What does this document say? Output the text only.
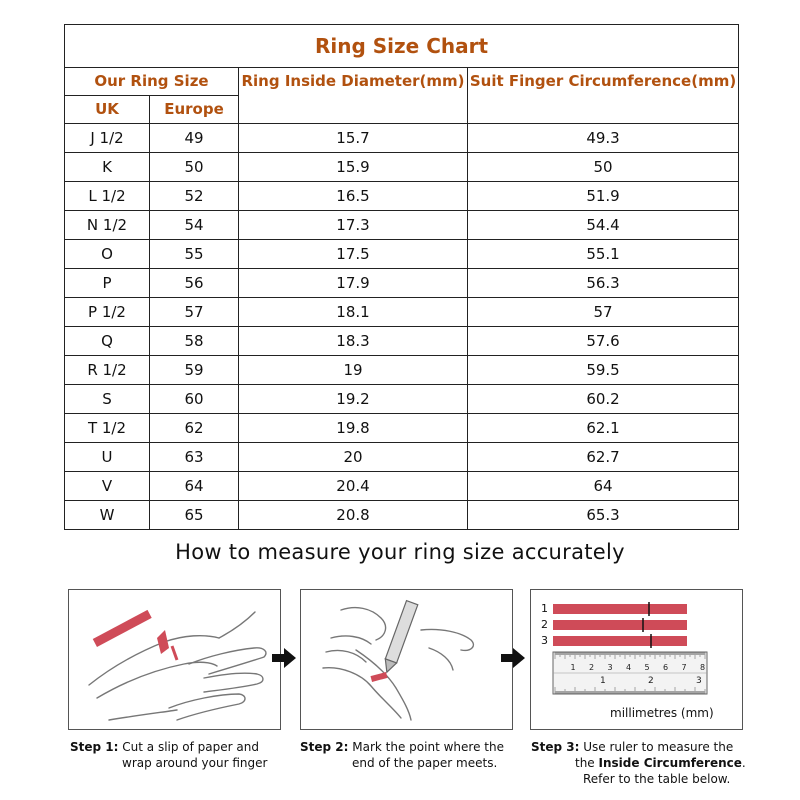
Ring Size Chart			
Our Ring Size		Ring Inside Diameter(mm)	Suit Finger Circumference(mm)
UK	Europe		
J 1/2	49	15.7	49.3
K	50	15.9	50
L 1/2	52	16.5	51.9
N 1/2	54	17.3	54.4
O	55	17.5	55.1
P	56	17.9	56.3
P 1/2	57	18.1	57
Q	58	18.3	57.6
R 1/2	59	19	59.5
S	60	19.2	60.2
T 1/2	62	19.8	62.1
U	63	20	62.7
V	64	20.4	64
W	65	20.8	65.3
How to measure your ring size accurately
1
2
3
1 2 3 4 5 6 7 8
1	2	3
millimetres (mm)
Step 1: Cut a slip of paper and
wrap around your finger
Step 2: Mark the point where the
end of the paper meets.
Step 3: Use ruler to measure the
the Inside Circumference.
Refer to the table below.
